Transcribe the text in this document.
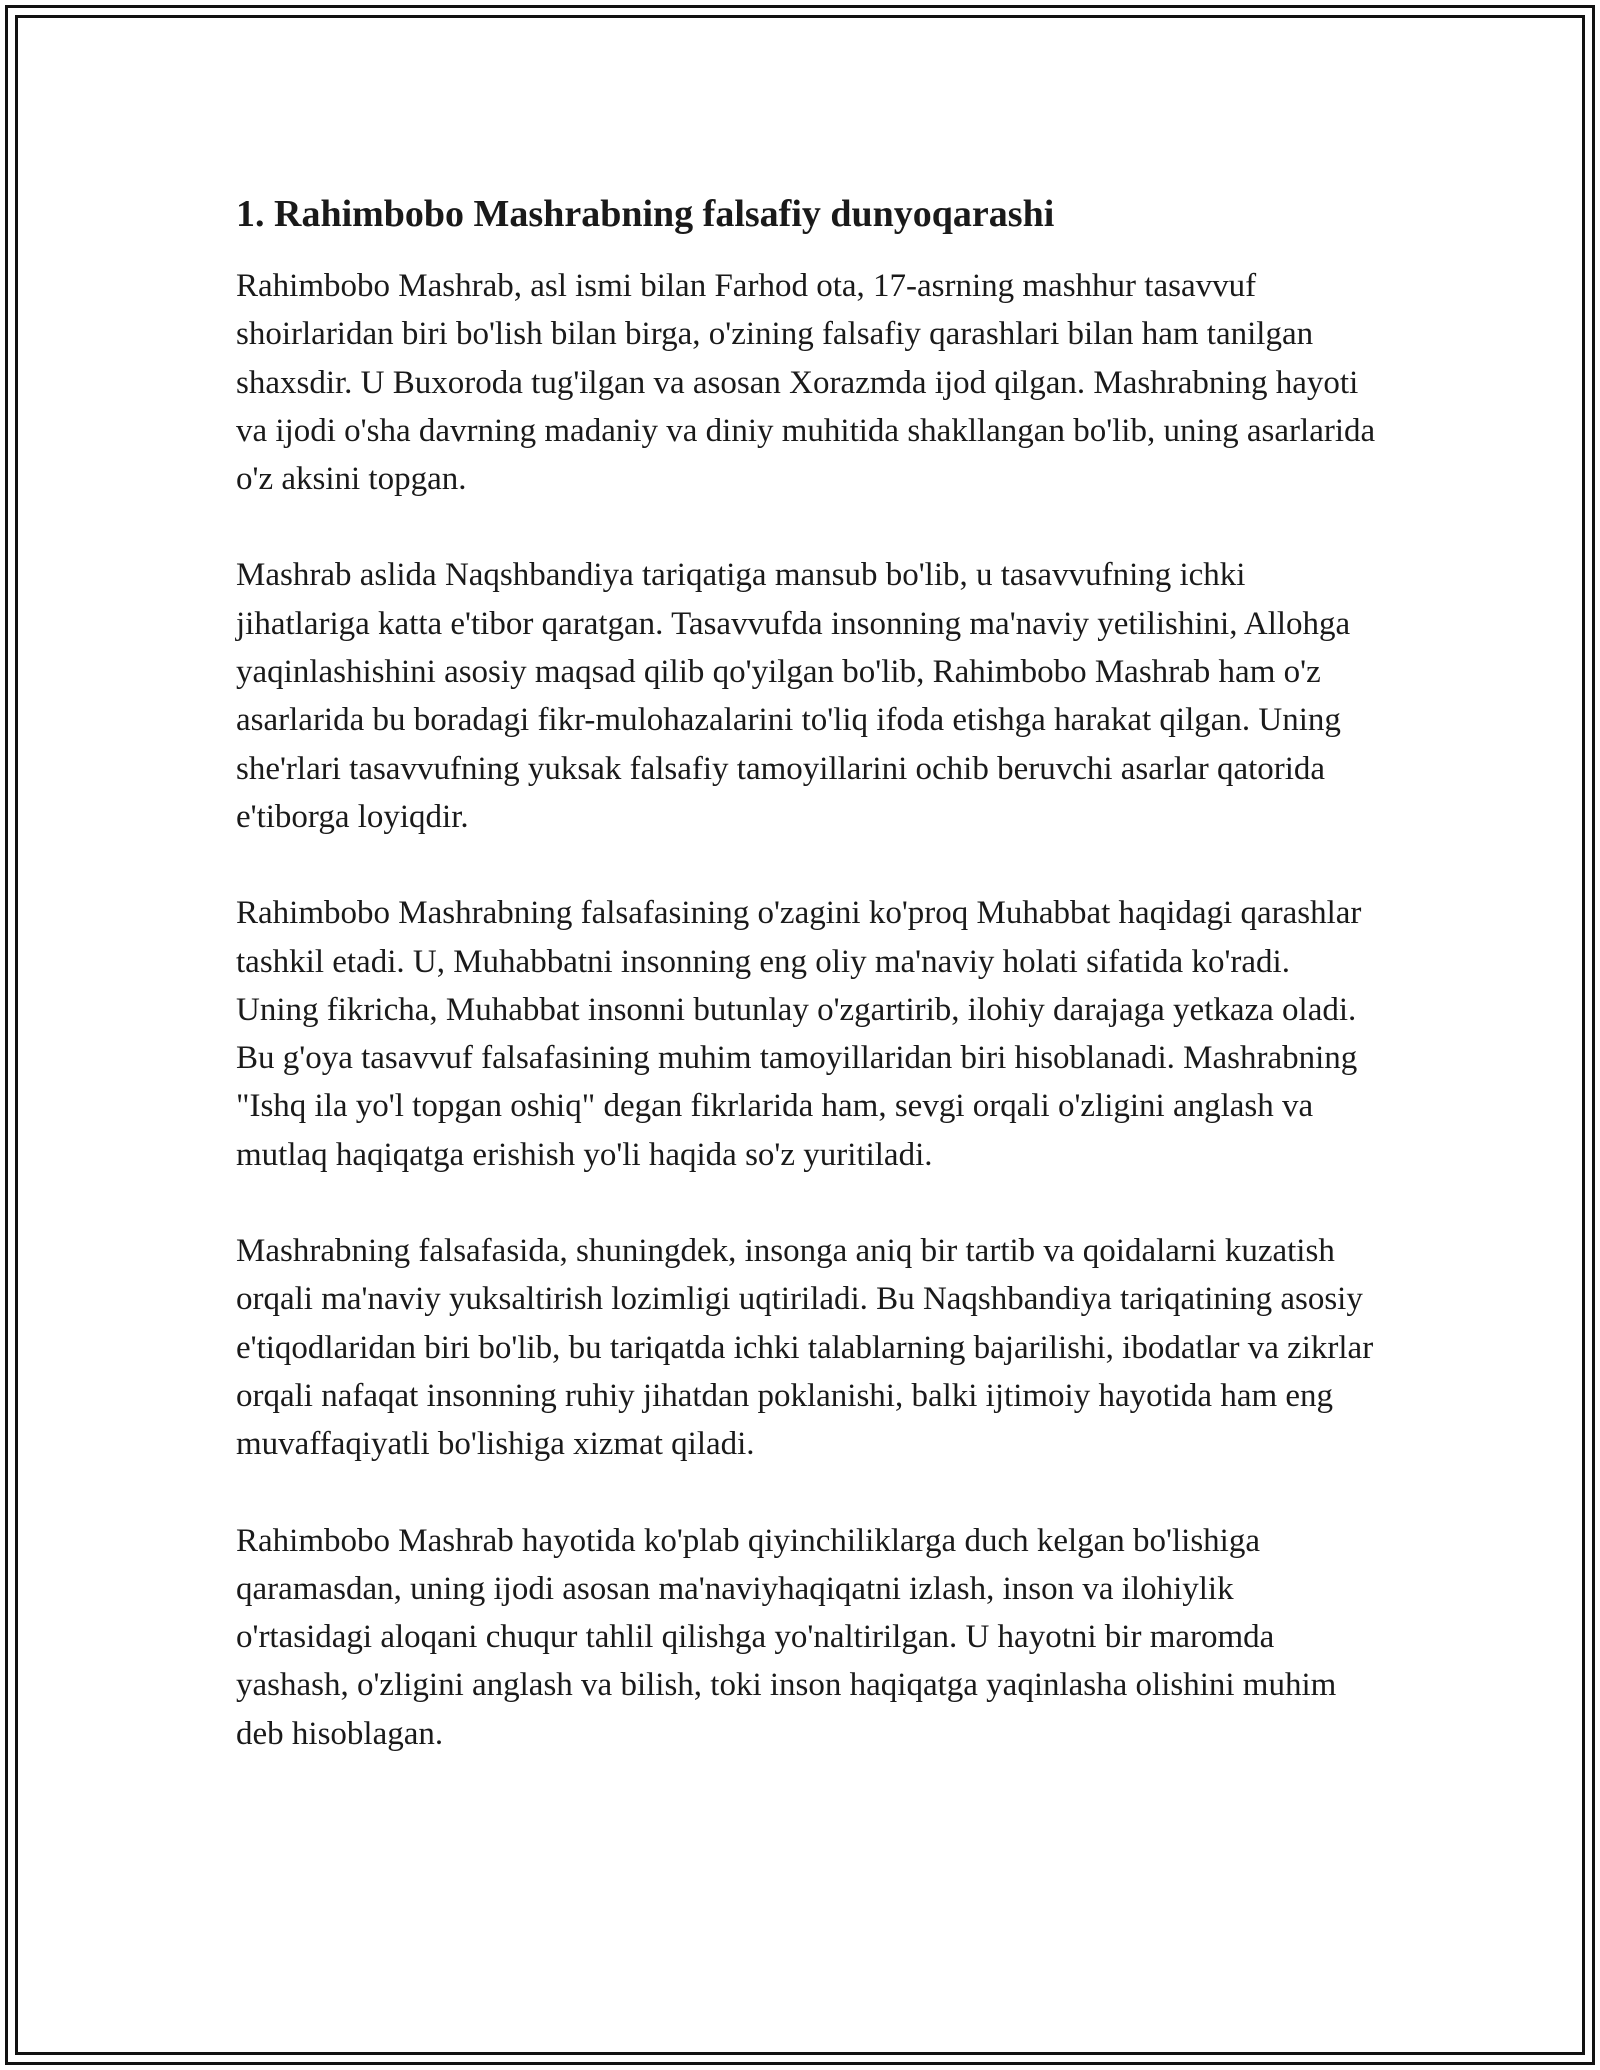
1. Rahimbobo Mashrabning falsafiy dunyoqarashi

Rahimbobo Mashrab, asl ismi bilan Farhod ota, 17-asrning mashhur tasavvuf shoirlaridan biri bo'lish bilan birga, o'zining falsafiy qarashlari bilan ham tanilgan shaxsdir. U Buxoroda tug'ilgan va asosan Xorazmda ijod qilgan. Mashrabning hayoti va ijodi o'sha davrning madaniy va diniy muhitida shakllangan bo'lib, uning asarlarida o'z aksini topgan.

Mashrab aslida Naqshbandiya tariqatiga mansub bo'lib, u tasavvufning ichki jihatlariga katta e'tibor qaratgan. Tasavvufda insonning ma'naviy yetilishini, Allohga yaqinlashishini asosiy maqsad qilib qo'yilgan bo'lib, Rahimbobo Mashrab ham o'z asarlarida bu boradagi fikr-mulohazalarini to'liq ifoda etishga harakat qilgan. Uning she'rlari tasavvufning yuksak falsafiy tamoyillarini ochib beruvchi asarlar qatorida e'tiborga loyiqdir.

Rahimbobo Mashrabning falsafasining o'zagini ko'proq Muhabbat haqidagi qarashlar tashkil etadi. U, Muhabbatni insonning eng oliy ma'naviy holati sifatida ko'radi. Uning fikricha, Muhabbat insonni butunlay o'zgartirib, ilohiy darajaga yetkaza oladi. Bu g'oya tasavvuf falsafasining muhim tamoyillaridan biri hisoblanadi. Mashrabning "Ishq ila yo'l topgan oshiq" degan fikrlarida ham, sevgi orqali o'zligini anglash va mutlaq haqiqatga erishish yo'li haqida so'z yuritiladi.

Mashrabning falsafasida, shuningdek, insonga aniq bir tartib va qoidalarni kuzatish orqali ma'naviy yuksaltirish lozimligi uqtiriladi. Bu Naqshbandiya tariqatining asosiy e'tiqodlaridan biri bo'lib, bu tariqatda ichki talablarning bajarilishi, ibodatlar va zikrlar orqali nafaqat insonning ruhiy jihatdan poklanishi, balki ijtimoiy hayotida ham eng muvaffaqiyatli bo'lishiga xizmat qiladi.

Rahimbobo Mashrab hayotida ko'plab qiyinchiliklarga duch kelgan bo'lishiga qaramasdan, uning ijodi asosan ma'naviyhaqiqatni izlash, inson va ilohiylik o'rtasidagi aloqani chuqur tahlil qilishga yo'naltirilgan. U hayotni bir maromda yashash, o'zligini anglash va bilish, toki inson haqiqatga yaqinlasha olishini muhim deb hisoblagan.
